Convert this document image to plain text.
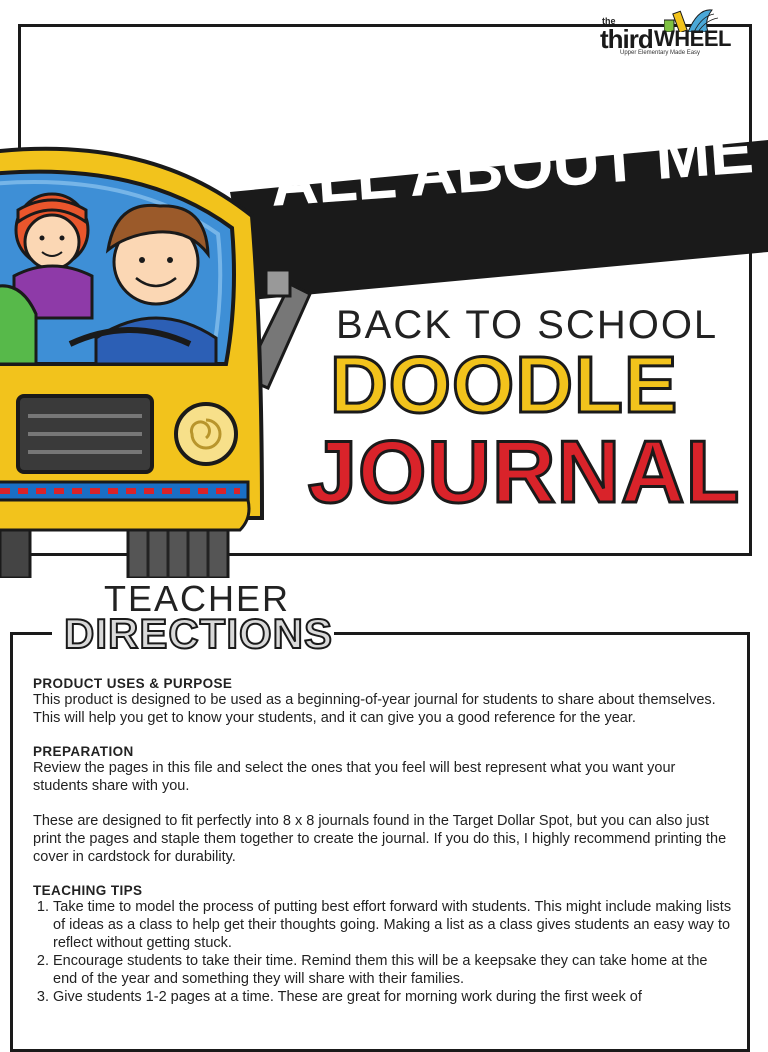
the
third WHEEL
Upper Elementary Made Easy
ALL ABOUT ME
BACK TO SCHOOL
DOODLE
JOURNAL
TEACHER
DIRECTIONS

PRODUCT USES & PURPOSE

This product is designed to be used as a beginning-of-year journal for students to share about themselves. This will help you get to know your students, and it can give you a good reference for the year.

PREPARATION

Review the pages in this file and select the ones that you feel will best represent what you want your students share with you.

These are designed to fit perfectly into 8 x 8 journals found in the Target Dollar Spot, but you can also just print the pages and staple them together to create the journal. If you do this, I highly recommend printing the cover in cardstock for durability.

TEACHING TIPS

1. Take time to model the process of putting best effort forward with students. This might include making lists of ideas as a class to help get their thoughts going. Making a list as a class gives students an easy way to reflect without getting stuck.
2. Encourage students to take their time. Remind them this will be a keepsake they can take home at the end of the year and something they will share with their families.
3. Give students 1-2 pages at a time. These are great for morning work during the first week of
